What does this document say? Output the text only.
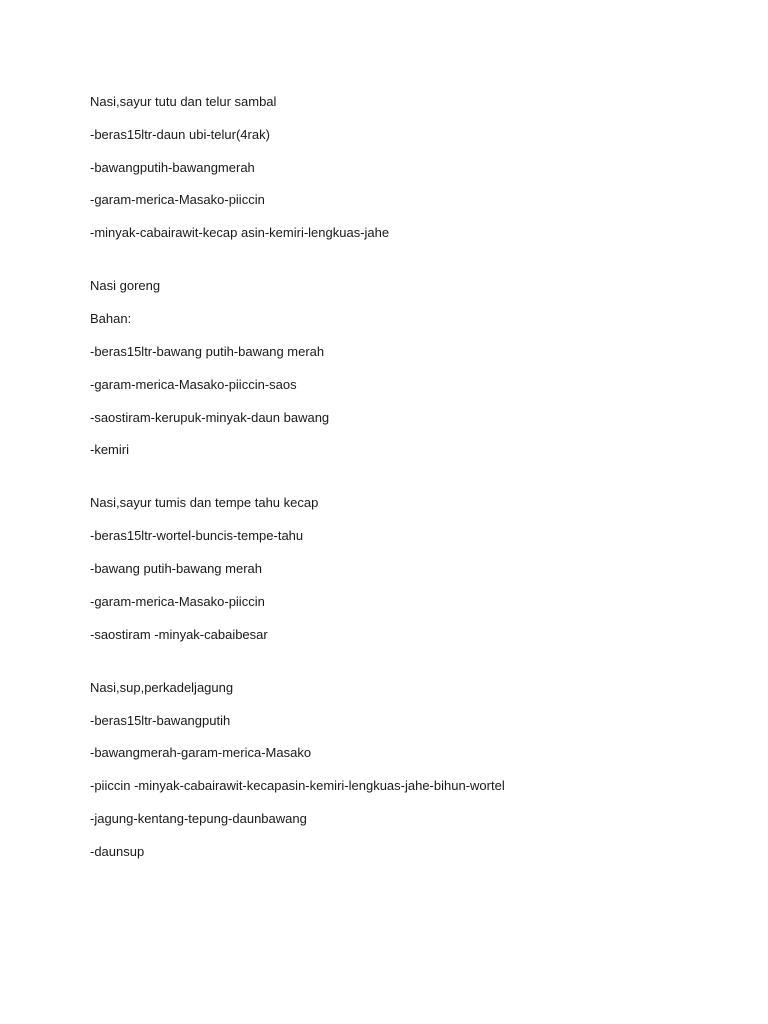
Nasi,sayur tutu dan telur sambal

-beras15ltr-daun ubi-telur(4rak)

-bawangputih-bawangmerah

-garam-merica-Masako-piiccin

-minyak-cabairawit-kecap asin-kemiri-lengkuas-jahe

Nasi goreng

Bahan:

-beras15ltr-bawang putih-bawang merah

-garam-merica-Masako-piiccin-saos

-saostiram-kerupuk-minyak-daun bawang

-kemiri

Nasi,sayur tumis dan tempe tahu kecap

-beras15ltr-wortel-buncis-tempe-tahu

-bawang putih-bawang merah

-garam-merica-Masako-piiccin

-saostiram -minyak-cabaibesar

Nasi,sup,perkadeljagung

-beras15ltr-bawangputih

-bawangmerah-garam-merica-Masako

-piiccin -minyak-cabairawit-kecapasin-kemiri-lengkuas-jahe-bihun-wortel

-jagung-kentang-tepung-daunbawang

-daunsup
